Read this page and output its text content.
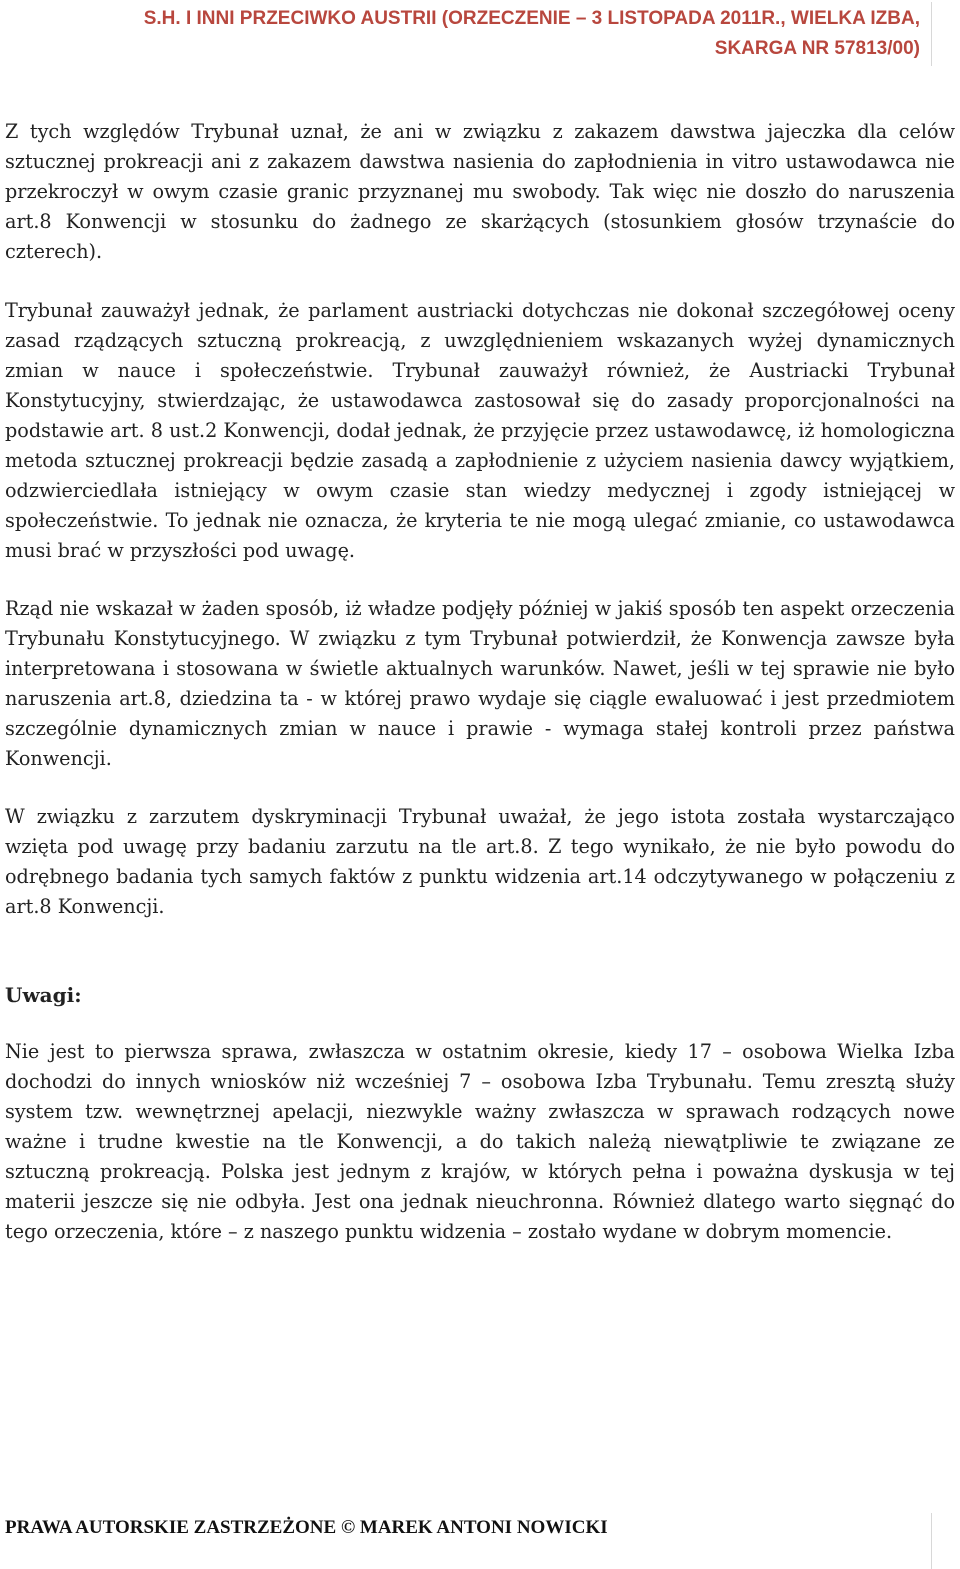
S.H. I INNI PRZECIWKO AUSTRII (ORZECZENIE – 3 LISTOPADA 2011R., WIELKA IZBA,
SKARGA NR 57813/00)

Z tych względów Trybunał uznał, że ani w związku z zakazem dawstwa jajeczka dla celów sztucznej prokreacji ani z zakazem dawstwa nasienia do zapłodnienia in vitro ustawodawca nie przekroczył w owym czasie granic przyznanej mu swobody. Tak więc nie doszło do naruszenia art.8 Konwencji w stosunku do żadnego ze skarżących (stosunkiem głosów trzynaście do czterech).

Trybunał zauważył jednak, że parlament austriacki dotychczas nie dokonał szczegółowej oceny zasad rządzących sztuczną prokreacją, z uwzględnieniem wskazanych wyżej dynamicznych zmian w nauce i społeczeństwie. Trybunał zauważył również, że Austriacki Trybunał Konstytucyjny, stwierdzając, że ustawodawca zastosował się do zasady proporcjonalności na podstawie art. 8 ust.2 Konwencji, dodał jednak, że przyjęcie przez ustawodawcę, iż homologiczna metoda sztucznej prokreacji będzie zasadą a zapłodnienie z użyciem nasienia dawcy wyjątkiem, odzwierciedlała istniejący w owym czasie stan wiedzy medycznej i zgody istniejącej w społeczeństwie. To jednak nie oznacza, że kryteria te nie mogą ulegać zmianie, co ustawodawca musi brać w przyszłości pod uwagę.

Rząd nie wskazał w żaden sposób, iż władze podjęły później w jakiś sposób ten aspekt orzeczenia Trybunału Konstytucyjnego. W związku z tym Trybunał potwierdził, że Konwencja zawsze była interpretowana i stosowana w świetle aktualnych warunków. Nawet, jeśli w tej sprawie nie było naruszenia art.8, dziedzina ta - w której prawo wydaje się ciągle ewaluować i jest przedmiotem szczególnie dynamicznych zmian w nauce i prawie - wymaga stałej kontroli przez państwa Konwencji.

W związku z zarzutem dyskryminacji Trybunał uważał, że jego istota została wystarczająco wzięta pod uwagę przy badaniu zarzutu na tle art.8. Z tego wynikało, że nie było powodu do odrębnego badania tych samych faktów z punktu widzenia art.14 odczytywanego w połączeniu z art.8 Konwencji.

Uwagi:

Nie jest to pierwsza sprawa, zwłaszcza w ostatnim okresie, kiedy 17 – osobowa Wielka Izba dochodzi do innych wniosków niż wcześniej 7 – osobowa Izba Trybunału. Temu zresztą służy system tzw. wewnętrznej apelacji, niezwykle ważny zwłaszcza w sprawach rodzących nowe ważne i trudne kwestie na tle Konwencji, a do takich należą niewątpliwie te związane ze sztuczną prokreacją. Polska jest jednym z krajów, w których pełna i poważna dyskusja w tej materii jeszcze się nie odbyła. Jest ona jednak nieuchronna. Również dlatego warto sięgnąć do tego orzeczenia, które – z naszego punktu widzenia – zostało wydane w dobrym momencie.

PRAWA AUTORSKIE ZASTRZEŻONE © MAREK ANTONI NOWICKI
